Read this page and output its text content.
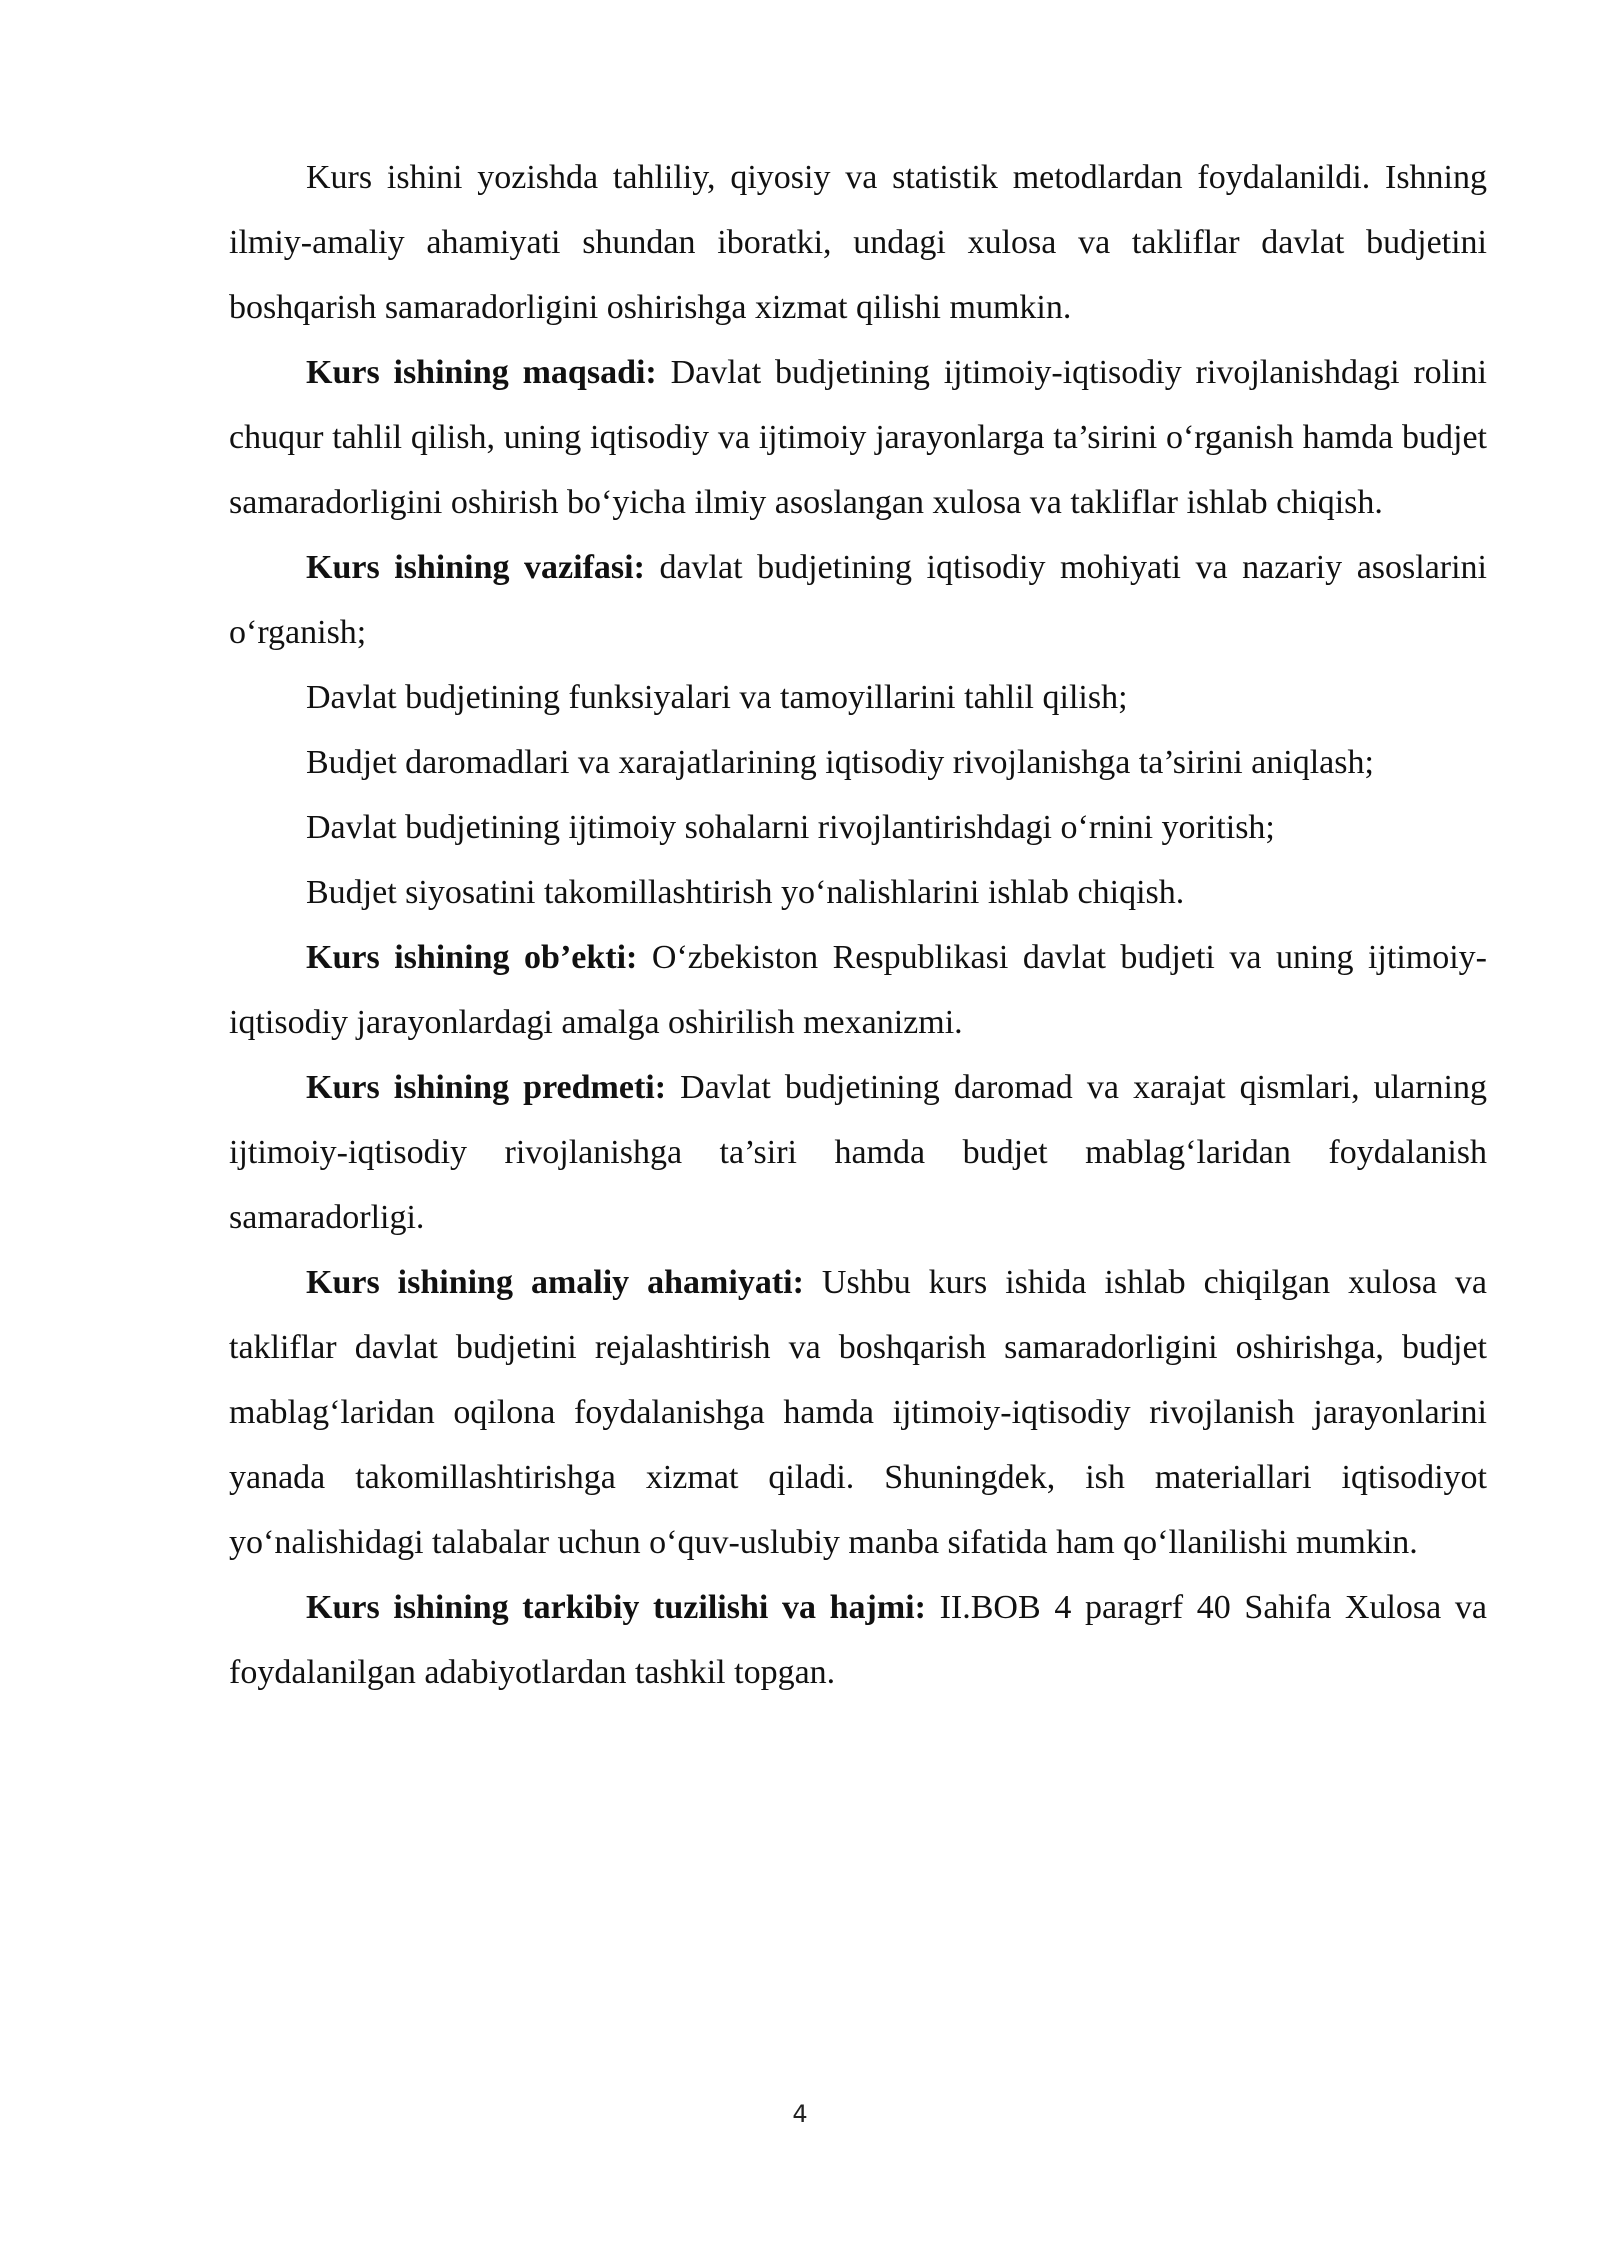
Kurs ishini yozishda tahliliy, qiyosiy va statistik metodlardan foydalanildi. Ishning ilmiy-amaliy ahamiyati shundan iboratki, undagi xulosa va takliflar davlat budjetini boshqarish samaradorligini oshirishga xizmat qilishi mumkin.

Kurs ishining maqsadi: Davlat budjetining ijtimoiy-iqtisodiy rivojlanishdagi rolini chuqur tahlil qilish, uning iqtisodiy va ijtimoiy jarayonlarga ta’sirini o‘rganish hamda budjet samaradorligini oshirish bo‘yicha ilmiy asoslangan xulosa va takliflar ishlab chiqish.

Kurs ishining vazifasi: davlat budjetining iqtisodiy mohiyati va nazariy asoslarini o‘rganish;

Davlat budjetining funksiyalari va tamoyillarini tahlil qilish;

Budjet daromadlari va xarajatlarining iqtisodiy rivojlanishga ta’sirini aniqlash;

Davlat budjetining ijtimoiy sohalarni rivojlantirishdagi o‘rnini yoritish;

Budjet siyosatini takomillashtirish yo‘nalishlarini ishlab chiqish.

Kurs ishining ob’ekti: O‘zbekiston Respublikasi davlat budjeti va uning ijtimoiy-iqtisodiy jarayonlardagi amalga oshirilish mexanizmi.

Kurs ishining predmeti: Davlat budjetining daromad va xarajat qismlari, ularning ijtimoiy-iqtisodiy rivojlanishga ta’siri hamda budjet mablag‘laridan foydalanish samaradorligi.

Kurs ishining amaliy ahamiyati: Ushbu kurs ishida ishlab chiqilgan xulosa va takliflar davlat budjetini rejalashtirish va boshqarish samaradorligini oshirishga, budjet mablag‘laridan oqilona foydalanishga hamda ijtimoiy-iqtisodiy rivojlanish jarayonlarini yanada takomillashtirishga xizmat qiladi. Shuningdek, ish materiallari iqtisodiyot yo‘nalishidagi talabalar uchun o‘quv-uslubiy manba sifatida ham qo‘llanilishi mumkin.

Kurs ishining tarkibiy tuzilishi va hajmi: II.BOB 4 paragrf 40 Sahifa Xulosa va foydalanilgan adabiyotlardan tashkil topgan.

4
